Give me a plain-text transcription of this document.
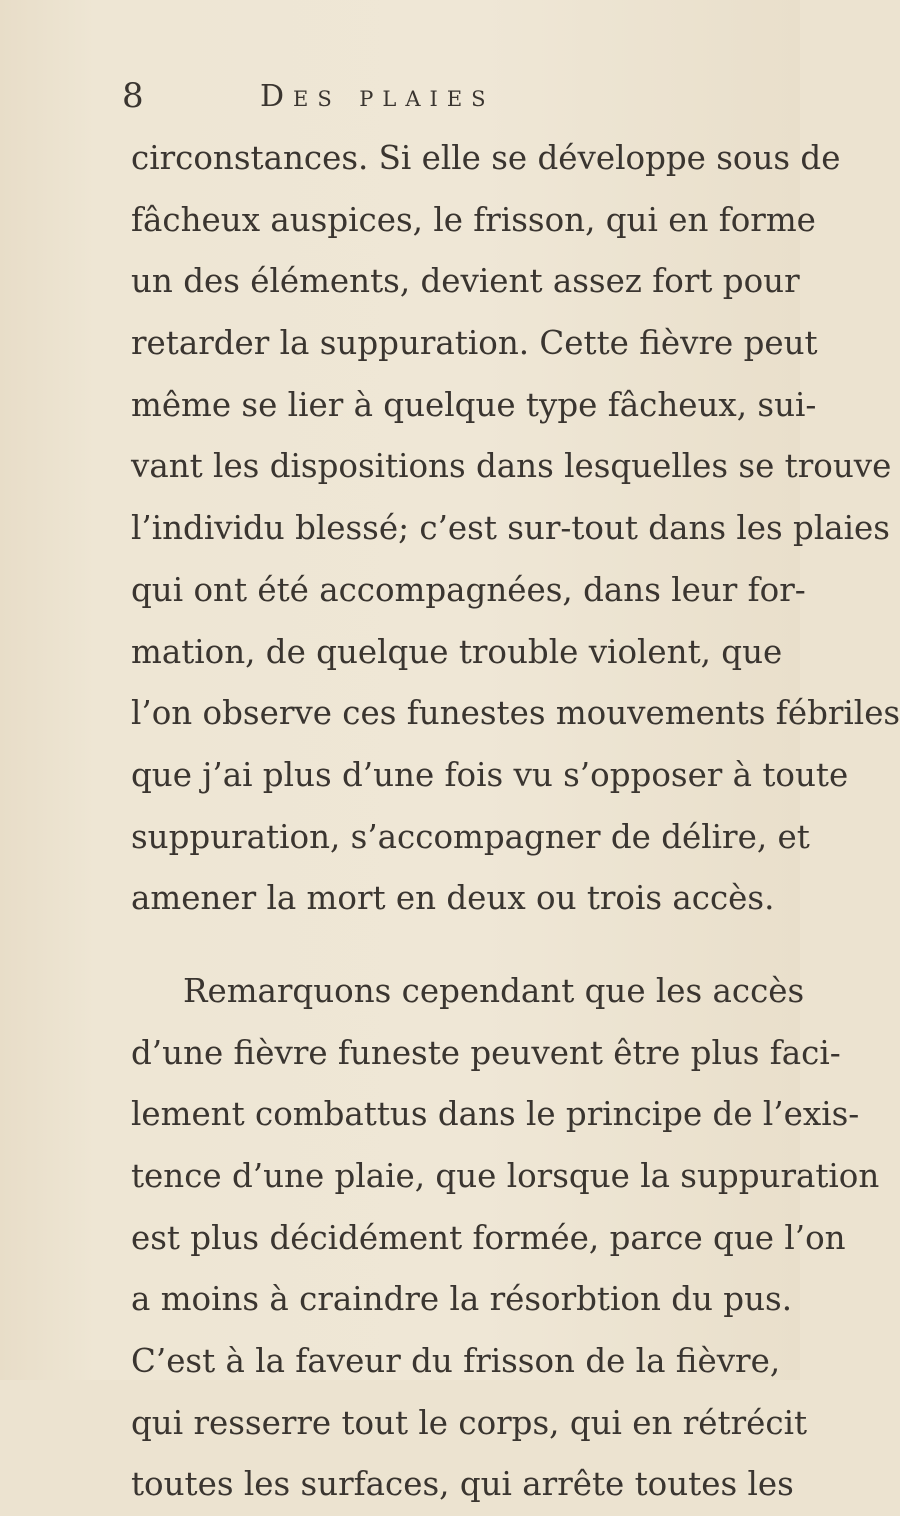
8	Des plaies
circonstances. Si elle se développe sous de
fâcheux auspices, le frisson, qui en forme
un des éléments, devient assez fort pour
retarder la suppuration. Cette fièvre peut
même se lier à quelque type fâcheux, sui-
vant les dispositions dans lesquelles se trouve
l’individu blessé; c’est sur-tout dans les plaies
qui ont été accompagnées, dans leur for-
mation, de quelque trouble violent, que
l’on observe ces funestes mouvements fébriles
que j’ai plus d’une fois vu s’opposer à toute
suppuration, s’accompagner de délire, et
amener la mort en deux ou trois accès.
Remarquons cependant que les accès
d’une fièvre funeste peuvent être plus faci-
lement combattus dans le principe de l’exis-
tence d’une plaie, que lorsque la suppuration
est plus décidément formée, parce que l’on
a moins à craindre la résorbtion du pus.
C’est à la faveur du frisson de la fièvre,
qui resserre tout le corps, qui en rétrécit
toutes les surfaces, qui arrête toutes les
